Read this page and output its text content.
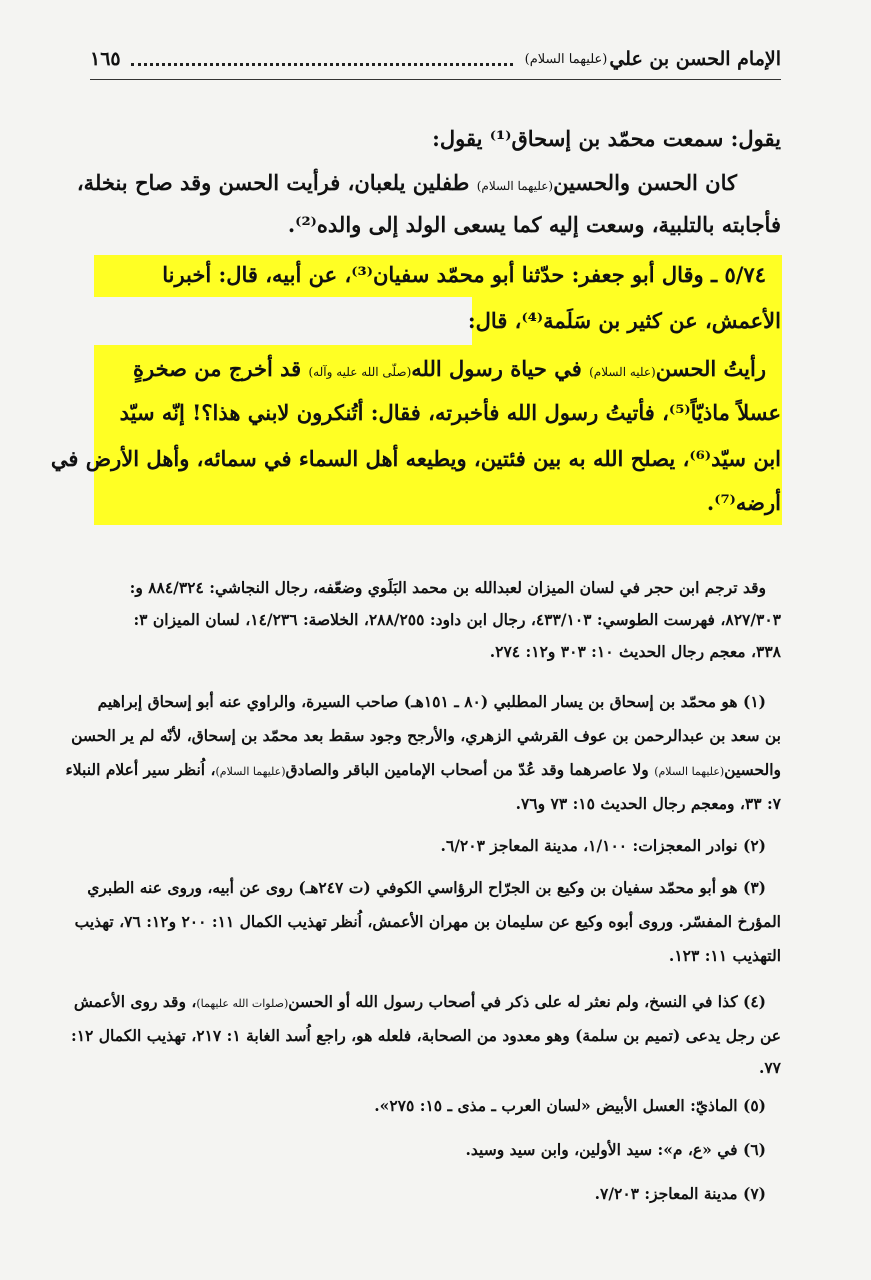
الإمام الحسن بن علي
(عليهما السلام)
١٦٥
يقول: سمعت محمّد بن إسحاق⁽¹⁾ يقول:
كان الحسن والحسين(عليهما السلام) طفلين يلعبان، فرأيت الحسن وقد صاح بنخلة،
فأجابته بالتلبية، وسعت إليه كما يسعى الولد إلى والده⁽²⁾.
٥/٧٤ ـ وقال أبو جعفر: حدّثنا أبو محمّد سفيان⁽³⁾، عن أبيه، قال: أخبرنا
الأعمش، عن كثير بن سَلَمة⁽⁴⁾، قال:
رأيتُ الحسن(عليه السلام) في حياة رسول الله(صلّى الله عليه وآله) قد أخرج من صخرةٍ
عسلاً ماذيّاً⁽⁵⁾، فأتيتُ رسول الله فأخبرته، فقال: أتُنكرون لابني هذا؟! إنّه سيّد
ابن سيّد⁽⁶⁾، يصلح الله به بين فئتين، ويطيعه أهل السماء في سمائه، وأهل الأرض في
أرضه⁽⁷⁾.
وقد ترجم ابن حجر في لسان الميزان لعبدالله بن محمد البَلَوي وضعّفه، رجال النجاشي: ٨٨٤/٣٢٤ و:
٨٢٧/٣٠٣، فهرست الطوسي: ٤٣٣/١٠٣، رجال ابن داود: ٢٨٨/٢٥٥، الخلاصة: ١٤/٢٣٦، لسان الميزان ٣:
٣٣٨، معجم رجال الحديث ١٠: ٣٠٣ و١٢: ٢٧٤.
(١) هو محمّد بن إسحاق بن يسار المطلبي (٨٠ ـ ١٥١هـ) صاحب السيرة، والراوي عنه أبو إسحاق إبراهيم
بن سعد بن عبدالرحمن بن عوف القرشي الزهري، والأرجح وجود سقط بعد محمّد بن إسحاق، لأنّه لم ير الحسن
والحسين(عليهما السلام) ولا عاصرهما وقد عُدّ من أصحاب الإمامين الباقر والصادق(عليهما السلام)، اُنظر سير أعلام النبلاء
٧: ٣٣، ومعجم رجال الحديث ١٥: ٧٣ و٧٦.
(٢) نوادر المعجزات: ١/١٠٠، مدينة المعاجز ٦/٢٠٣.
(٣) هو أبو محمّد سفيان بن وكيع بن الجرّاح الرؤاسي الكوفي (ت ٢٤٧هـ) روى عن أبيه، وروى عنه الطبري
المؤرخ المفسّر. وروى أبوه وكيع عن سليمان بن مهران الأعمش، اُنظر تهذيب الكمال ١١: ٢٠٠ و١٢: ٧٦، تهذيب
التهذيب ١١: ١٢٣.
(٤) كذا في النسخ، ولم نعثر له على ذكر في أصحاب رسول الله أو الحسن(صلوات الله عليهما)، وقد روى الأعمش
عن رجل يدعى (تميم بن سلمة) وهو معدود من الصحابة، فلعله هو، راجع اُسد الغابة ١: ٢١٧، تهذيب الكمال ١٢:
٧٧.
(٥) الماذيّ: العسل الأبيض «لسان العرب ـ مذى ـ ١٥: ٢٧٥».
(٦) في «ع، م»: سيد الأولين، وابن سيد وسيد.
(٧) مدينة المعاجز: ٧/٢٠٣.
